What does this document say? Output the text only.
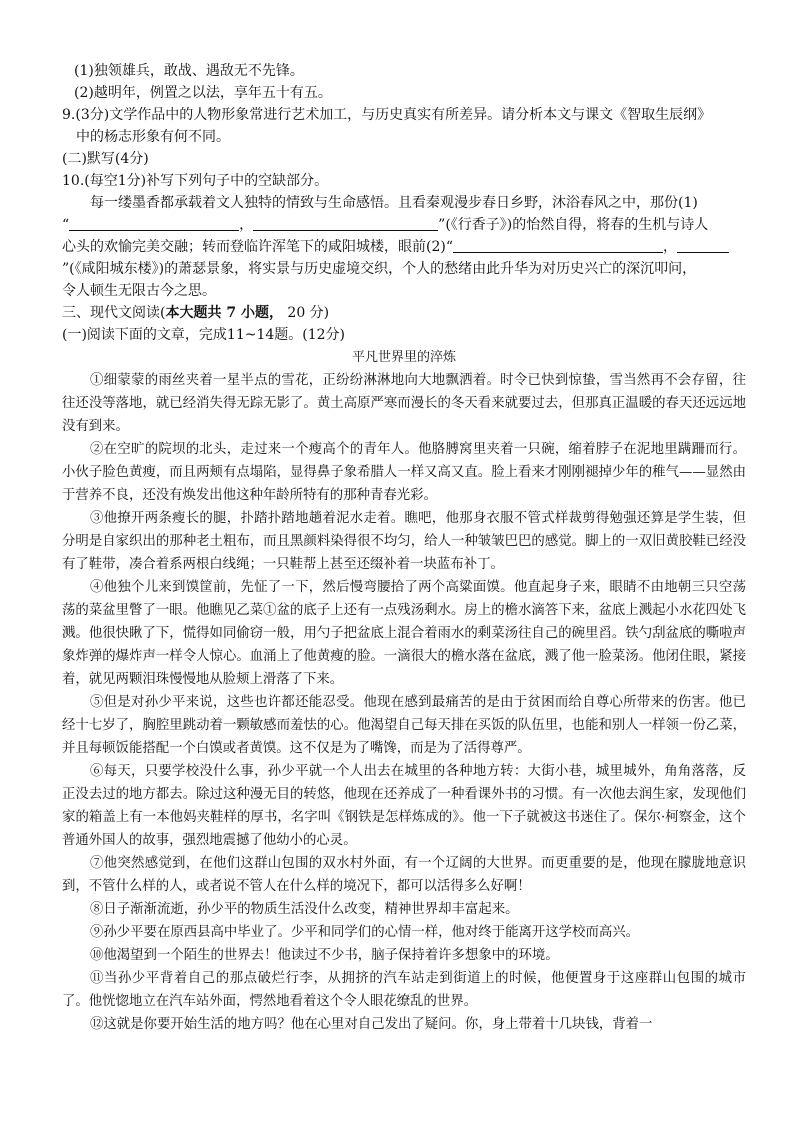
(1)独领雄兵，敢战、遇敌无不先锋。

(2)越明年，例置之以法，享年五十有五。

9.(3分)文学作品中的人物形象常进行艺术加工，与历史真实有所差异。请分析本文与课文《智取生辰纲》

中的杨志形象有何不同。

(二)默写(4分)

10.(每空1分)补写下列句子中的空缺部分。

每一缕墨香都承载着文人独特的情致与生命感悟。且看秦观漫步春日乡野，沐浴春风之中，那份(1)

“	，	”(《行香子》)的怡然自得，将春的生机与诗人

心头的欢愉完美交融；转而登临许浑笔下的咸阳城楼，眼前(2)“	，

”(《咸阳城东楼》)的萧瑟景象，将实景与历史虚境交织，个人的愁绪由此升华为对历史兴亡的深沉叩问，

令人顿生无限古今之思。

三、现代文阅读(本大题共 7 小题， 20 分)

(一)阅读下面的文章，完成11~14题。(12分)

平凡世界里的淬炼

①细蒙蒙的雨丝夹着一星半点的雪花，正纷纷淋淋地向大地飘洒着。时令已快到惊蛰，雪当然再不会存留，往往还没等落地，就已经消失得无踪无影了。黄土高原严寒而漫长的冬天看来就要过去，但那真正温暖的春天还远远地没有到来。

②在空旷的院坝的北头，走过来一个瘦高个的青年人。他胳膊窝里夹着一只碗，缩着脖子在泥地里蹒跚而行。小伙子脸色黄瘦，而且两颊有点塌陷，显得鼻子象希腊人一样又高又直。脸上看来才刚刚褪掉少年的稚气——显然由于营养不良，还没有焕发出他这种年龄所特有的那种青春光彩。

③他撩开两条瘦长的腿，扑踏扑踏地趟着泥水走着。瞧吧，他那身衣服不管式样裁剪得勉强还算是学生装，但分明是自家织出的那种老土粗布，而且黑颜料染得很不均匀，给人一种皱皱巴巴的感觉。脚上的一双旧黄胶鞋已经没有了鞋带，凑合着系两根白线绳；一只鞋帮上甚至还缀补着一块蓝布补丁。

④他独个儿来到馍筐前，先怔了一下，然后慢弯腰拾了两个高粱面馍。他直起身子来，眼睛不由地朝三只空荡荡的菜盆里瞥了一眼。他瞧见乙菜①盆的底子上还有一点残汤剩水。房上的檐水滴答下来，盆底上溅起小水花四处飞溅。他很快瞅了下，慌得如同偷窃一般，用勺子把盆底上混合着雨水的剩菜汤往自己的碗里舀。铁勺刮盆底的嘶啦声象炸弹的爆炸声一样令人惊心。血涌上了他黄瘦的脸。一滴很大的檐水落在盆底，溅了他一脸菜汤。他闭住眼，紧接着，就见两颗泪珠慢慢地从脸颊上滑落了下来。

⑤但是对孙少平来说，这些也许都还能忍受。他现在感到最痛苦的是由于贫困而给自尊心所带来的伤害。他已经十七岁了，胸腔里跳动着一颗敏感而羞怯的心。他渴望自己每天排在买饭的队伍里，也能和别人一样领一份乙菜，并且每顿饭能搭配一个白馍或者黄馍。这不仅是为了嘴馋，而是为了活得尊严。

⑥每天，只要学校没什么事，孙少平就一个人出去在城里的各种地方转：大街小巷，城里城外，角角落落，反正没去过的地方都去。除过这种漫无目的转悠，他现在还养成了一种看课外书的习惯。有一次他去润生家，发现他们家的箱盖上有一本他妈夹鞋样的厚书，名字叫《钢铁是怎样炼成的》。他一下子就被这书迷住了。保尔·柯察金，这个普通外国人的故事，强烈地震撼了他幼小的心灵。

⑦他突然感觉到，在他们这群山包围的双水村外面，有一个辽阔的大世界。而更重要的是，他现在朦胧地意识到，不管什么样的人，或者说不管人在什么样的境况下，都可以活得多么好啊！

⑧日子渐渐流逝，孙少平的物质生活没什么改变，精神世界却丰富起来。

⑨孙少平要在原西县高中毕业了。少平和同学们的心情一样，他对终于能离开这学校而高兴。

⑩他渴望到一个陌生的世界去！他读过不少书，脑子保持着许多想象中的环境。

⑪当孙少平背着自己的那点破烂行李，从拥挤的汽车站走到街道上的时候，他便置身于这座群山包围的城市了。他恍惚地立在汽车站外面，愕然地看着这个令人眼花缭乱的世界。

⑫这就是你要开始生活的地方吗？他在心里对自己发出了疑问。你，身上带着十几块钱，背着一
